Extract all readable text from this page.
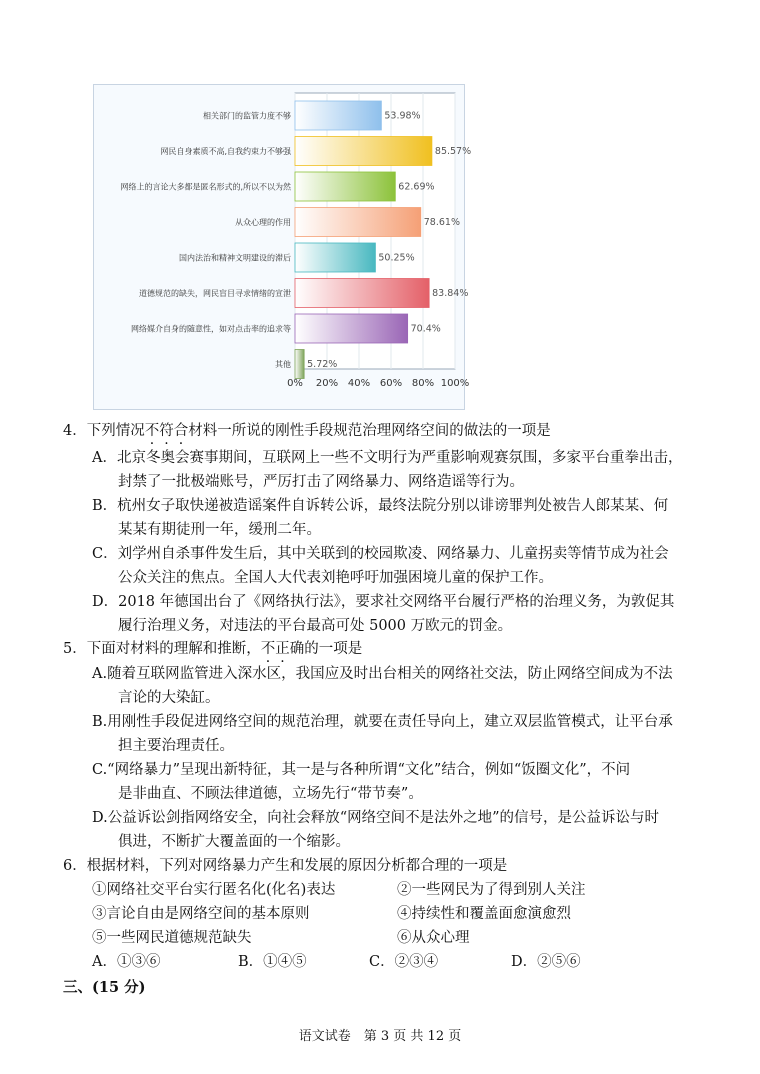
0% 20% 40% 60% 80% 100%
相关部门的监管力度不够	53.98%
网民自身素质不高,自我约束力不够强	85.57%
网络上的言论大多都是匿名形式的,所以不以为然	62.69%
从众心理的作用	78.61%
国内法治和精神文明建设的滞后	50.25%
道德规范的缺失，网民盲目寻求情绪的宣泄	83.84%
网络媒介自身的随意性，如对点击率的追求等	70.4%
其他 5.72%
4．下列情况不符合材料一所说的刚性手段规范治理网络空间的做法的一项是
A．北京冬奥会赛事期间，互联网上一些不文明行为严重影响观赛氛围，多家平台重拳出击，
封禁了一批极端账号，严厉打击了网络暴力、网络造谣等行为。
B．杭州女子取快递被造谣案件自诉转公诉，最终法院分别以诽谤罪判处被告人郎某某、何
某某有期徒刑一年，缓刑二年。
C．刘学州自杀事件发生后，其中关联到的校园欺凌、网络暴力、儿童拐卖等情节成为社会
公众关注的焦点。全国人大代表刘艳呼吁加强困境儿童的保护工作。
D．2018 年德国出台了《网络执行法》，要求社交网络平台履行严格的治理义务，为敦促其
履行治理义务，对违法的平台最高可处 5000 万欧元的罚金。
5．下面对材料的理解和推断，不正确的一项是
A.随着互联网监管进入深水区，我国应及时出台相关的网络社交法，防止网络空间成为不法
言论的大染缸。
B.用刚性手段促进网络空间的规范治理，就要在责任导向上，建立双层监管模式，让平台承
担主要治理责任。
C.“网络暴力”呈现出新特征，其一是与各种所谓“文化”结合，例如“饭圈文化”，不问
是非曲直、不顾法律道德，立场先行“带节奏”。
D.公益诉讼剑指网络安全，向社会释放“网络空间不是法外之地”的信号，是公益诉讼与时
俱进，不断扩大覆盖面的一个缩影。
6．根据材料，下列对网络暴力产生和发展的原因分析都合理的一项是
①网络社交平台实行匿名化(化名)表达	②一些网民为了得到别人关注
③言论自由是网络空间的基本原则	④持续性和覆盖面愈演愈烈
⑤一些网民道德规范缺失	⑥从众心理
A．①③⑥	B．①④⑤	C．②③④	D．②⑤⑥
三、(15 分)
语文试卷　第 3 页 共 12 页
